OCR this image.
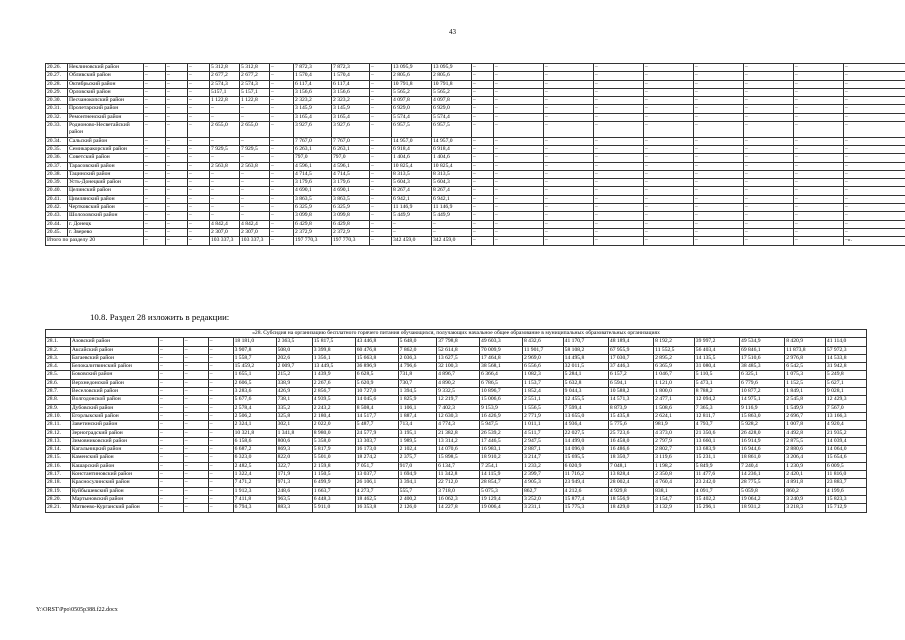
43
20.26.	Неклиновский район	–	–	–	5 312,8	5 312,8	–	7 872,3	7 872,3	–	13 095,9	13 095,9	–	–	–	–	–	–	–	–	–
20.27.	Обливский район	–	–	–	2 677,2	2 677,2	–	1 570,4	1 570,4	–	2 805,6	2 805,6	–	–	–	–	–	–	–	–	–
20.28.	Октябрьский район	–	–	–	2 574,3	2 574,3	–	6 117,4	6 117,4	–	10 791,8	10 791,8	–	–	–	–	–	–	–	–	–
20.29.	Орловский район	–	–	–	5157,1	5 157,1	–	3 156,6	3 156,6	–	5 565,2	5 565,2	–	–	–	–	–	–	–	–	–
20.30.	Песчанокопский район	–	–	–	1 122,8	1 122,8	–	2 323,2	2 323,2	–	4 097,8	4 097,8	–	–	–	–	–	–	–	–	–
20.31.	Пролетарский район	–	–	–	–	–	–	3 145,9	3 145,9	–	6 929,0	6 929,0	–	–	–	–	–	–	–	–	–
20.32.	Ремонтненский район	–	–	–	–	–	–	3 165,4	3 165,4	–	5 574,4	5 574,4	–	–	–	–	–	–	–	–	–
20.33.	Родионово-Несветайский район	–	–	–	2 655,0	2 655,0	–	3 927,6	3 927,6	–	6 957,5	6 957,5	–	–	–	–	–	–	–	–	–
20.34.	Сальский район	–	–	–	–	–	–	7 767,0	7 767,0	–	14 957,0	14 957,0	–	–	–	–	–	–	–	–	–
20.35.	Семикаракорский район	–	–	–	7 929,5	7 929,5	–	6 263,1	6 263,1	–	6 918,4	6 918,4	–	–	–	–	–	–	–	–	–
20.36.	Советский район	–	–	–	–	–	–	797,0	797,0	–	1 404,6	1 404,6	–	–	–	–	–	–	–	–	–
20.37.	Тарасовский район	–	–	–	2 563,8	2 563,8	–	4 596,1	4 596,1	–	10 825,4	10 825,4	–	–	–	–	–	–	–	–	–
20.38.	Тацинский район	–	–	–	–	–	–	4 714,5	4 714,5	–	8 313,5	8 313,5	–	–	–	–	–	–	–	–	–
20.39.	Усть-Донецкий район	–	–	–	–	–	–	3 179,6	3 179,6	–	5 604,3	5 604,3	–	–	–	–	–	–	–	–	–
20.40.	Целинский район	–	–	–	–	–	–	4 690,1	4 690,1	–	8 267,4	8 267,4	–	–	–	–	–	–	–	–	–
20.41.	Цимлянский район	–	–	–	–	–	–	3 863,5	3 863,5	–	6 942,1	6 942,1	–	–	–	–	–	–	–	–	–
20.42.	Чертковский район	–	–	–	–	–	–	6 325,9	6 325,9	–	11 146,9	11 146,9	–	–	–	–	–	–	–	–	–
20.43.	Шолоховский район	–	–	–	–	–	–	3 099,8	3 099,8	–	5 449,9	5 449,9	–	–	–	–	–	–	–	–	–
20.44.	г. Донецк	–	–	–	4 842,4	4 842,4	–	6 429,8	6 429,8	–	–	–	–	–	–	–	–	–	–	–	–
20.45.	г. Зверево	–	–	–	2 307,0	2 307,0	–	2 372,9	2 372,9	–	–	–	–	–	–	–	–	–	–	–	–
Итого по разделу 20		–	–	–	103 337,3	103 337,3	–	197 770,3	197 770,3	–	342 459,0	342 459,0	–	–	–	–	–	–	–	–	–».
10.8. Раздел 28 изложить в редакции:
«28. Субсидия на организацию бесплатного горячего питания обучающихся, получающих начальное общее образование в муниципальных образовательных организациях																			
28.1.	Азовский район	–	–	–	18 181,0	2 363,5	15 817,5	43 446,8	5 648,0	37 798,8	49 603,3	8 432,6	41 170,7	48 189,4	8 192,2	39 997,2	49 534,9	8 420,9	41 114,0
28.2.	Аксайский район	–	–	–	3 907,8	508,0	3 399,8	60 476,8	7 862,0	52 614,8	70 009,9	11 901,7	58 108,2	67 955,9	11 552,5	56 403,4	69 846,1	11 873,8	57 972,3
28.3.	Багаевский район	–	–	–	1 558,7	202,6	1 356,1	15 663,8	2 036,3	13 627,5	17 464,8	2 969,0	14 495,8	17 030,7	2 895,2	14 135,5	17 510,6	2 976,8	14 533,8
28.4.	Белокалитвинский район	–	–	–	15 459,2	2 009,7	13 449,5	36 896,9	4 796,6	32 100,3	38 568,1	6 556,6	32 011,5	37 446,3	6 365,9	31 080,4	38 485,3	6 542,5	31 942,8
28.5.	Боковский район	–	–	–	1 655,1	215,2	1 439,9	6 628,5	731,8	4 896,7	6 366,4	1 082,3	5 284,1	6 157,2	1 046,7	5 110,5	6 325,1	1 075,3	5 249,8
28.6.	Верхнедонской район	–	–	–	2 606,5	338,9	2 267,6	5 620,9	730,7	4 890,2	6 786,5	1 153,7	5 632,8	6 594,1	1 121,0	5 473,1	6 779,6	1 152,5	5 627,1
28.7.	Веселовский район	–	–	–	3 283,6	426,9	2 856,7	10 727,0	1 394,5	9 332,5	10 896,7	1 852,4	9 044,3	10 588,2	1 800,0	8 788,2	10 877,2	1 849,1	9 028,1
28.8.	Волгодонской район	–	–	–	5 677,6	738,1	4 939,5	14 045,6	1 825,9	12 219,7	15 006,6	2 551,1	12 455,5	14 571,3	2 477,1	12 094,2	14 975,1	2 545,8	12 429,3
28.9.	Дубовский район	–	–	–	2 578,4	335,2	2 243,2	8 508,4	1 106,1	7 402,3	9 153,9	1 556,5	7 599,4	8 873,9	1 508,6	7 365,3	9 116,9	1 549,9	7 567,0
28.10.	Егорлыкский район	–	–	–	2 506,2	325,8	2 180,4	14 517,7	1 887,4	12 630,3	16 426,9	2 771,9	13 655,0	15 435,8	2 624,1	12 811,7	15 863,0	2 696,7	13 166,3
28.11.	Заветинский район	–	–	–	2 324,1	302,1	2 022,0	5 487,7	713,4	4 774,3	5 947,5	1 011,1	4 936,4	5 775,6	981,9	4 793,7	5 928,2	1 007,8	4 920,4
28.12.	Зерноградский район	–	–	–	10 321,8	1 341,8	8 980,0	24 577,9	3 195,1	21 382,8	26 539,2	4 511,7	22 027,5	25 723,6	4 373,0	21 350,6	26 428,0	4 492,8	21 935,2
28.13.	Зимовниковский район	–	–	–	6 158,6	800,6	5 358,0	13 303,7	1 989,5	13 314,2	17 446,5	2 947,5	14 499,0	16 458,0	2 797,9	13 660,1	16 914,9	2 875,5	14 039,4
28.14.	Кагальницкий район	–	–	–	6 687,2	869,3	5 817,9	16 173,0	2 102,4	14 070,6	16 983,1	2 887,1	14 096,0	16 486,6	2 802,7	13 683,9	16 944,6	2 880,6	14 064,0
28.15.	Каменский район	–	–	–	6 323,0	822,0	5 501,0	18 274,2	2 375,7	15 898,5	18 910,2	3 214,7	15 695,5	18 350,7	3 119,6	15 231,1	18 861,0	3 206,4	15 654,6
28.16.	Кашарский район	–	–	–	2 482,5	322,7	2 159,8	7 051,7	917,0	6 134,7	7 254,1	1 233,2	6 020,9	7 048,1	1 198,2	5 849,9	7 240,4	1 230,9	6 009,5
28.17.	Константиновский район	–	–	–	1 322,4	171,9	1 150,5	13 037,7	1 694,9	11 342,8	14 115,9	2 399,7	11 716,2	13 828,4	2 350,8	11 477,6	14 236,1	2 420,1	11 816,0
28.18.	Красносулинский район	–	–	–	7 471,2	971,3	6 499,9	26 106,1	3 394,1	22 712,0	28 854,7	4 905,3	23 949,4	28 002,4	4 760,4	23 242,0	28 775,5	4 891,8	23 883,7
28.19.	Куйбышевский район	–	–	–	1 912,3	248,6	1 663,7	4 273,7	555,7	3 718,0	5 075,3	862,7	4 212,6	4 929,8	838,1	4 091,7	5 059,8	860,2	4 199,6
28.20.	Мартыновский район	–	–	–	7 411,8	963,5	6 448,3	18 462,5	2 400,2	16 062,3	19 129,4	3 252,0	15 877,4	18 556,9	3 154,7	15 402,2	19 064,2	3 240,9	15 823,3
28.21.	Матвеево-Курганский район	–	–	–	6 794,3	883,3	5 911,0	16 353,8	2 126,0	14 227,8	19 006,4	3 231,1	15 775,3	18 429,0	3 132,9	15 296,1	18 931,2	3 218,3	15 712,9
Y:\ORST\Ppo\0505p388.f22.docx
